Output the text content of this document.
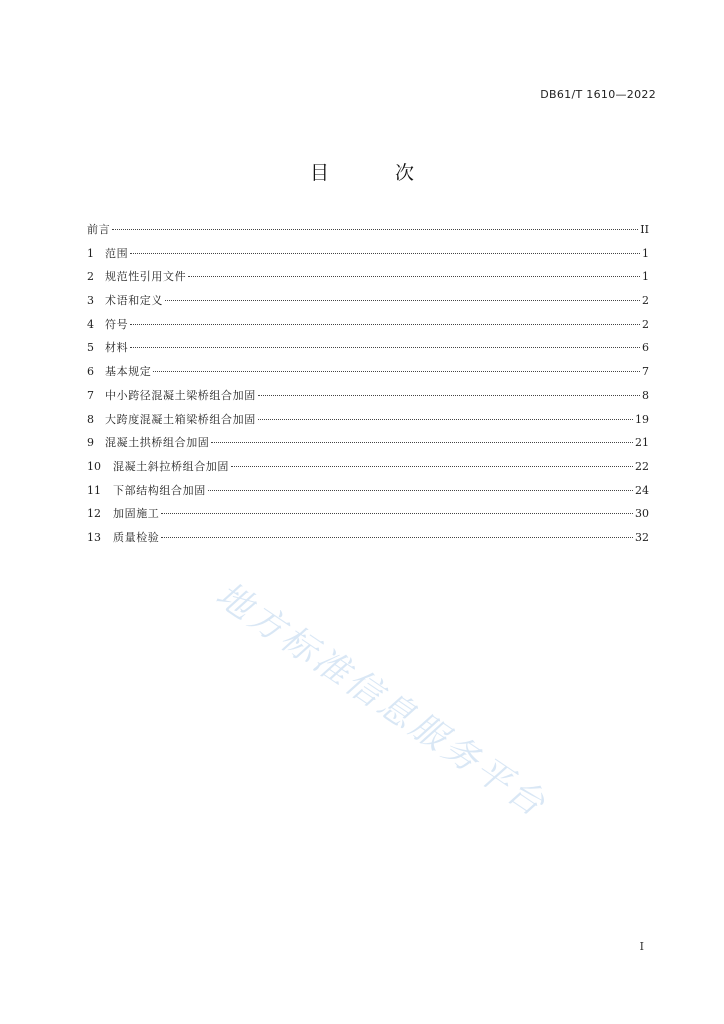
DB61/T 1610—2022
目 次
前言	II
1	范围	1
2	规范性引用文件	1
3	术语和定义	2
4	符号	2
5	材料	6
6	基本规定	7
7	中小跨径混凝土梁桥组合加固	8
8	大跨度混凝土箱梁桥组合加固	19
9	混凝土拱桥组合加固	21
10	混凝土斜拉桥组合加固	22
11	下部结构组合加固	24
12	加固施工	30
13	质量检验	32
地方标准信息服务平台
I
